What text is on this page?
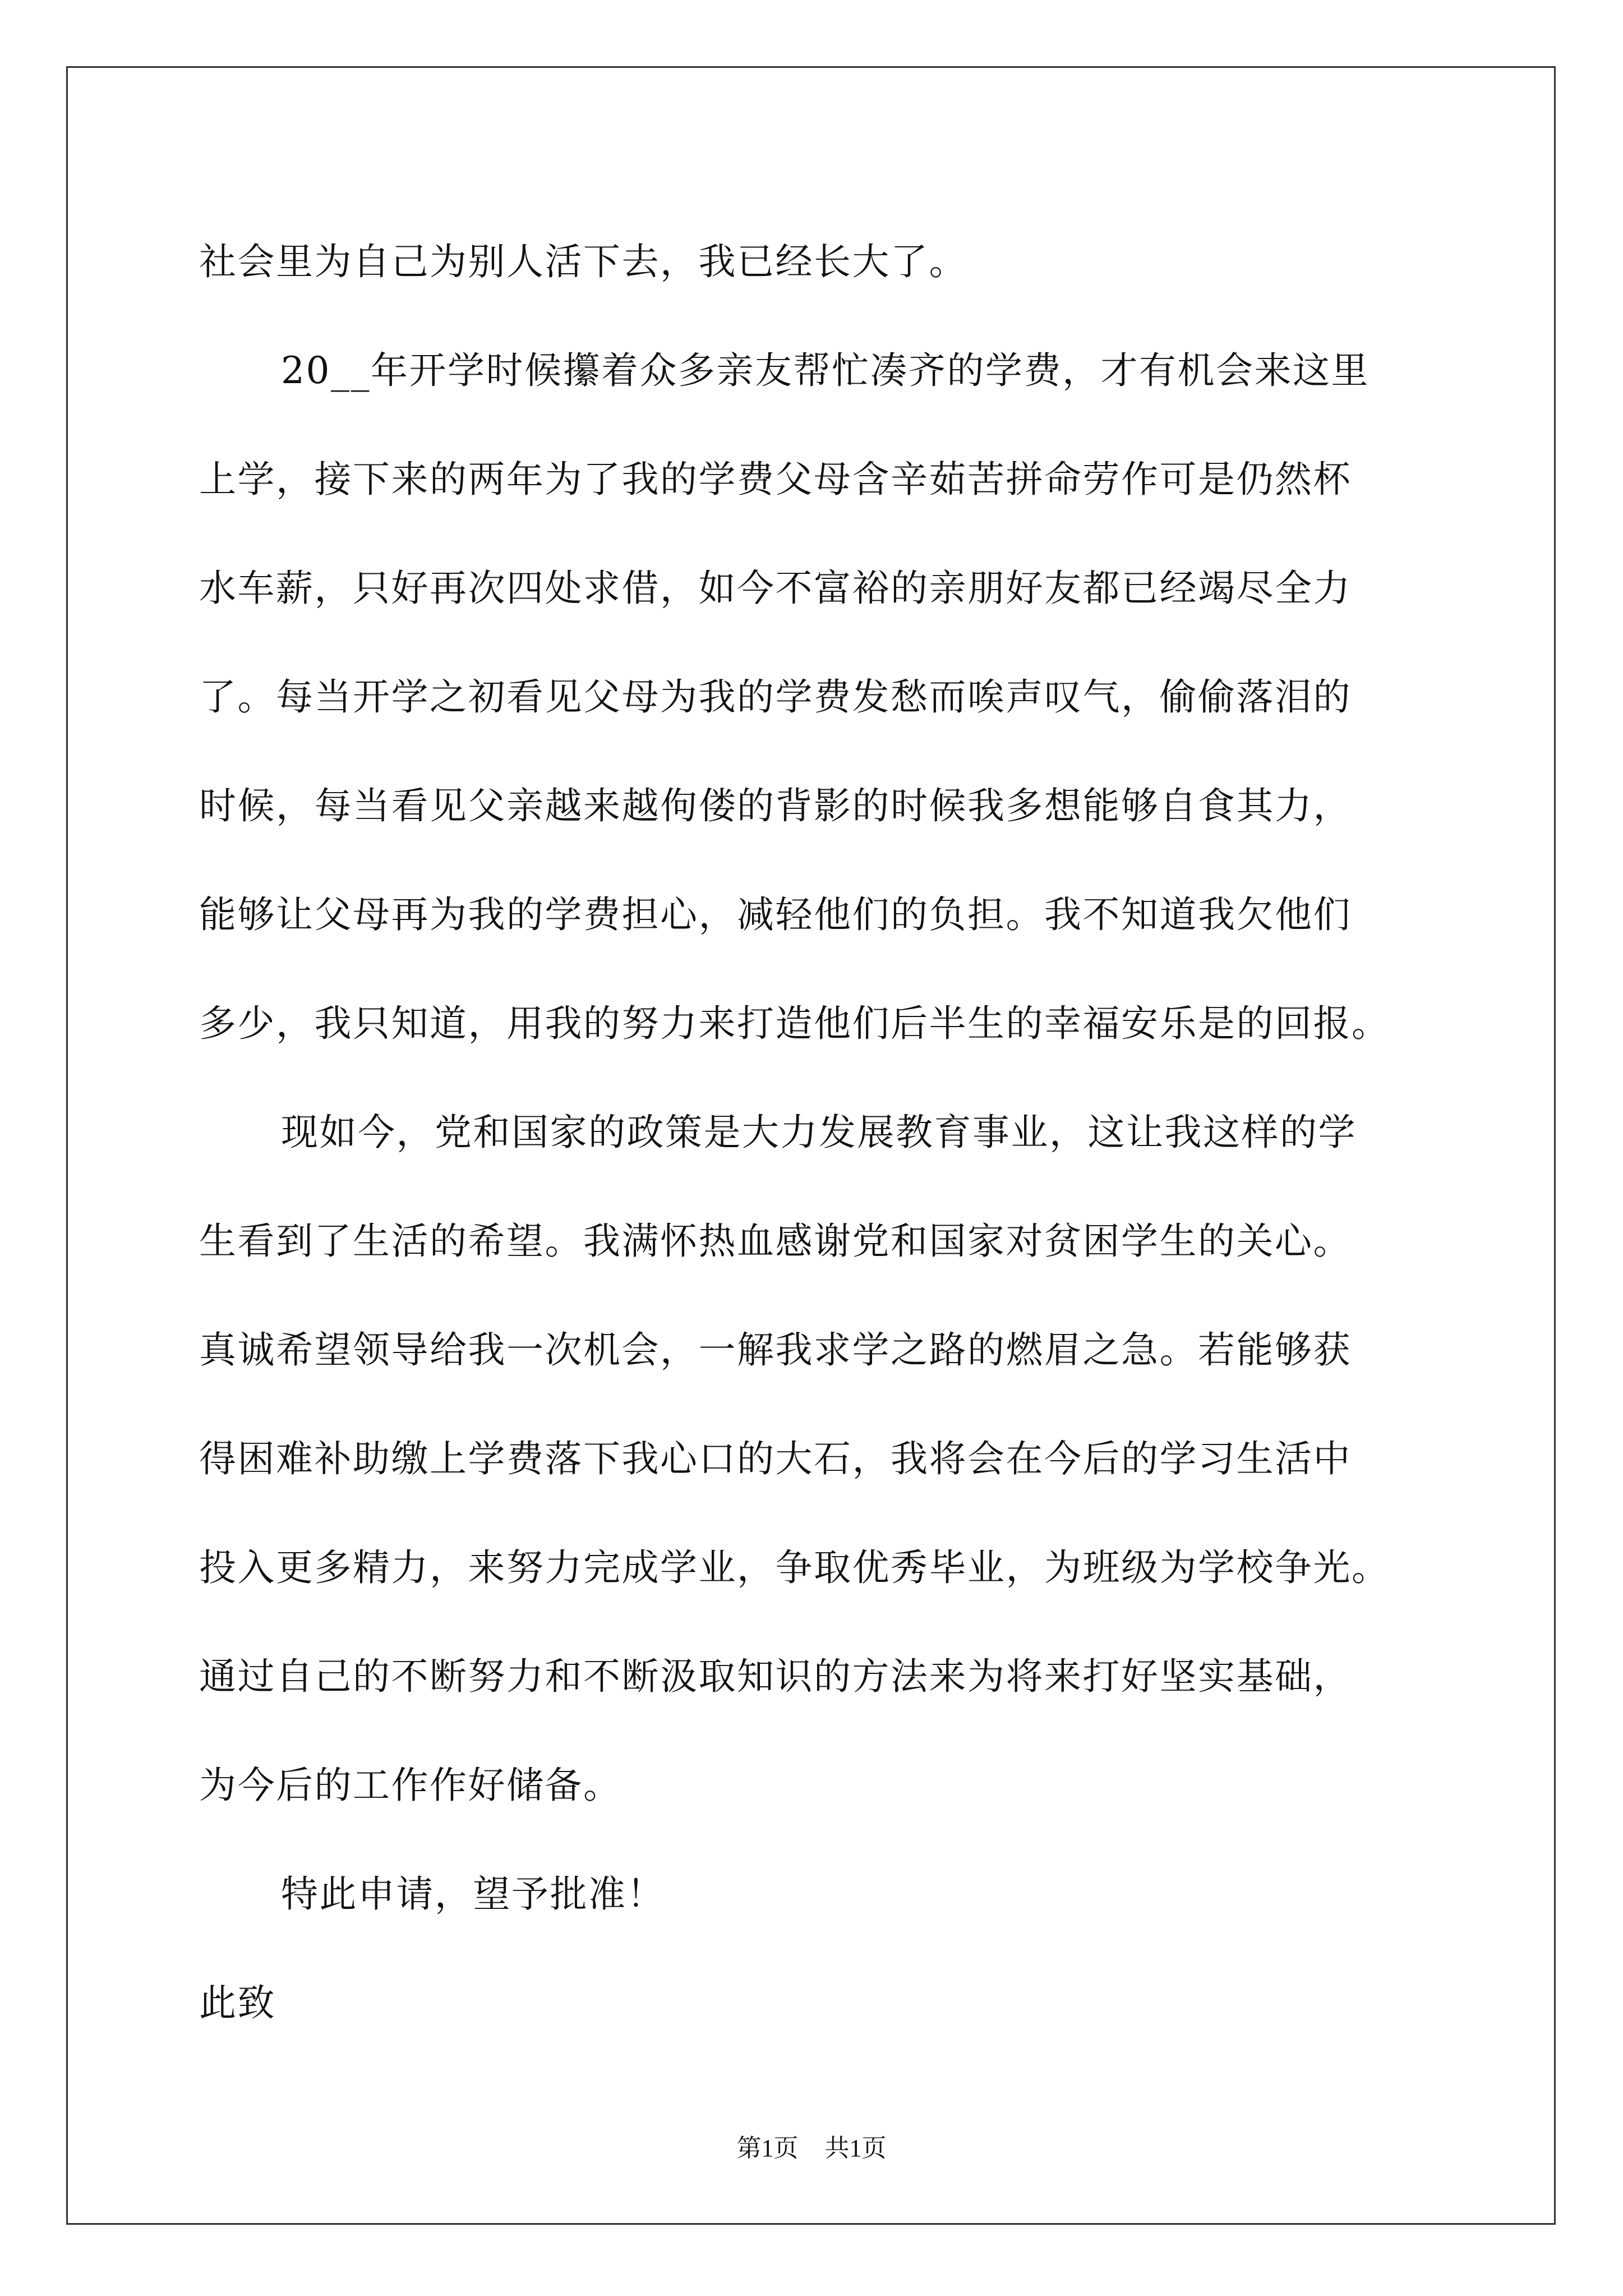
社会里为自己为别人活下去，我已经长大了。

20__年开学时候攥着众多亲友帮忙凑齐的学费，才有机会来这里

上学，接下来的两年为了我的学费父母含辛茹苦拼命劳作可是仍然杯

水车薪，只好再次四处求借，如今不富裕的亲朋好友都已经竭尽全力

了。每当开学之初看见父母为我的学费发愁而唉声叹气，偷偷落泪的

时候，每当看见父亲越来越佝偻的背影的时候我多想能够自食其力，

能够让父母再为我的学费担心，减轻他们的负担。我不知道我欠他们

多少，我只知道，用我的努力来打造他们后半生的幸福安乐是的回报。

现如今，党和国家的政策是大力发展教育事业，这让我这样的学

生看到了生活的希望。我满怀热血感谢党和国家对贫困学生的关心。

真诚希望领导给我一次机会，一解我求学之路的燃眉之急。若能够获

得困难补助缴上学费落下我心口的大石，我将会在今后的学习生活中

投入更多精力，来努力完成学业，争取优秀毕业，为班级为学校争光。

通过自己的不断努力和不断汲取知识的方法来为将来打好坚实基础，

为今后的工作作好储备。

特此申请，望予批准！

此致

第1页 共1页
